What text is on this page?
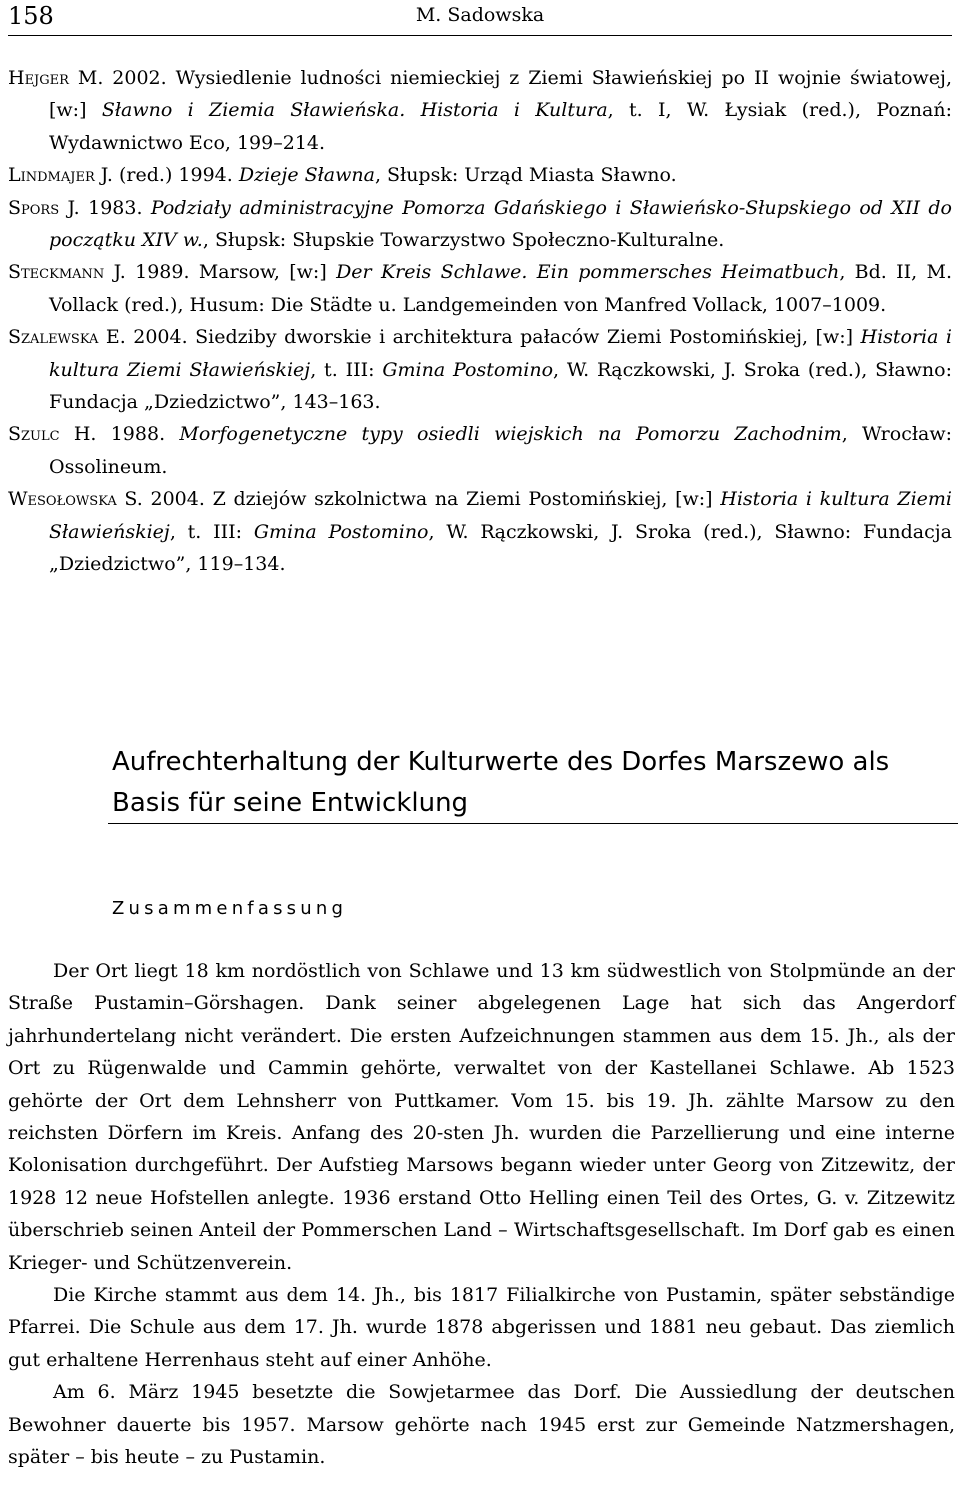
158	M. Sadowska

Hejger M. 2002. Wysiedlenie ludności niemieckiej z Ziemi Sławieńskiej po II wojnie światowej, [w:] Sławno i Ziemia Sławieńska. Historia i Kultura, t. I, W. Łysiak (red.), Poznań: Wydawnictwo Eco, 199–214.

Lindmajer J. (red.) 1994. Dzieje Sławna, Słupsk: Urząd Miasta Sławno.

Spors J. 1983. Podziały administracyjne Pomorza Gdańskiego i Sławieńsko-Słupskiego od XII do początku XIV w., Słupsk: Słupskie Towarzystwo Społeczno-Kulturalne.

Steckmann J. 1989. Marsow, [w:] Der Kreis Schlawe. Ein pommersches Heimatbuch, Bd. II, M. Vollack (red.), Husum: Die Städte u. Landgemeinden von Manfred Vollack, 1007–1009.

Szalewska E. 2004. Siedziby dworskie i architektura pałaców Ziemi Postomińskiej, [w:] Historia i kultura Ziemi Sławieńskiej, t. III: Gmina Postomino, W. Rączkowski, J. Sroka (red.), Sławno: Fundacja „Dziedzictwo”, 143–163.

Szulc H. 1988. Morfogenetyczne typy osiedli wiejskich na Pomorzu Zachodnim, Wrocław: Ossolineum.

Wesołowska S. 2004. Z dziejów szkolnictwa na Ziemi Postomińskiej, [w:] Historia i kultura Ziemi Sławieńskiej, t. III: Gmina Postomino, W. Rączkowski, J. Sroka (red.), Sławno: Fundacja „Dziedzictwo”, 119–134.

Aufrechterhaltung der Kulturwerte des Dorfes Marszewo als Basis für seine Entwicklung
Zusammenfassung

Der Ort liegt 18 km nordöstlich von Schlawe und 13 km südwestlich von Stolpmünde an der Straße Pustamin–Görshagen. Dank seiner abgelegenen Lage hat sich das Angerdorf jahrhundertelang nicht verändert. Die ersten Aufzeichnungen stammen aus dem 15. Jh., als der Ort zu Rügenwalde und Cammin gehörte, verwaltet von der Kastellanei Schlawe. Ab 1523 gehörte der Ort dem Lehnsherr von Puttkamer. Vom 15. bis 19. Jh. zählte Marsow zu den reichsten Dörfern im Kreis. Anfang des 20-sten Jh. wurden die Parzellierung und eine interne Kolonisation durchgeführt. Der Aufstieg Marsows begann wieder unter Georg von Zitzewitz, der 1928 12 neue Hofstellen anlegte. 1936 erstand Otto Helling einen Teil des Ortes, G. v. Zitzewitz überschrieb seinen Anteil der Pommerschen Land – Wirtschaftsgesellschaft. Im Dorf gab es einen Krieger- und Schützenverein.

Die Kirche stammt aus dem 14. Jh., bis 1817 Filialkirche von Pustamin, später sebständige Pfarrei. Die Schule aus dem 17. Jh. wurde 1878 abgerissen und 1881 neu gebaut. Das ziemlich gut erhaltene Herrenhaus steht auf einer Anhöhe.

Am 6. März 1945 besetzte die Sowjetarmee das Dorf. Die Aussiedlung der deutschen Bewohner dauerte bis 1957. Marsow gehörte nach 1945 erst zur Gemeinde Natzmershagen, später – bis heute – zu Pustamin.
